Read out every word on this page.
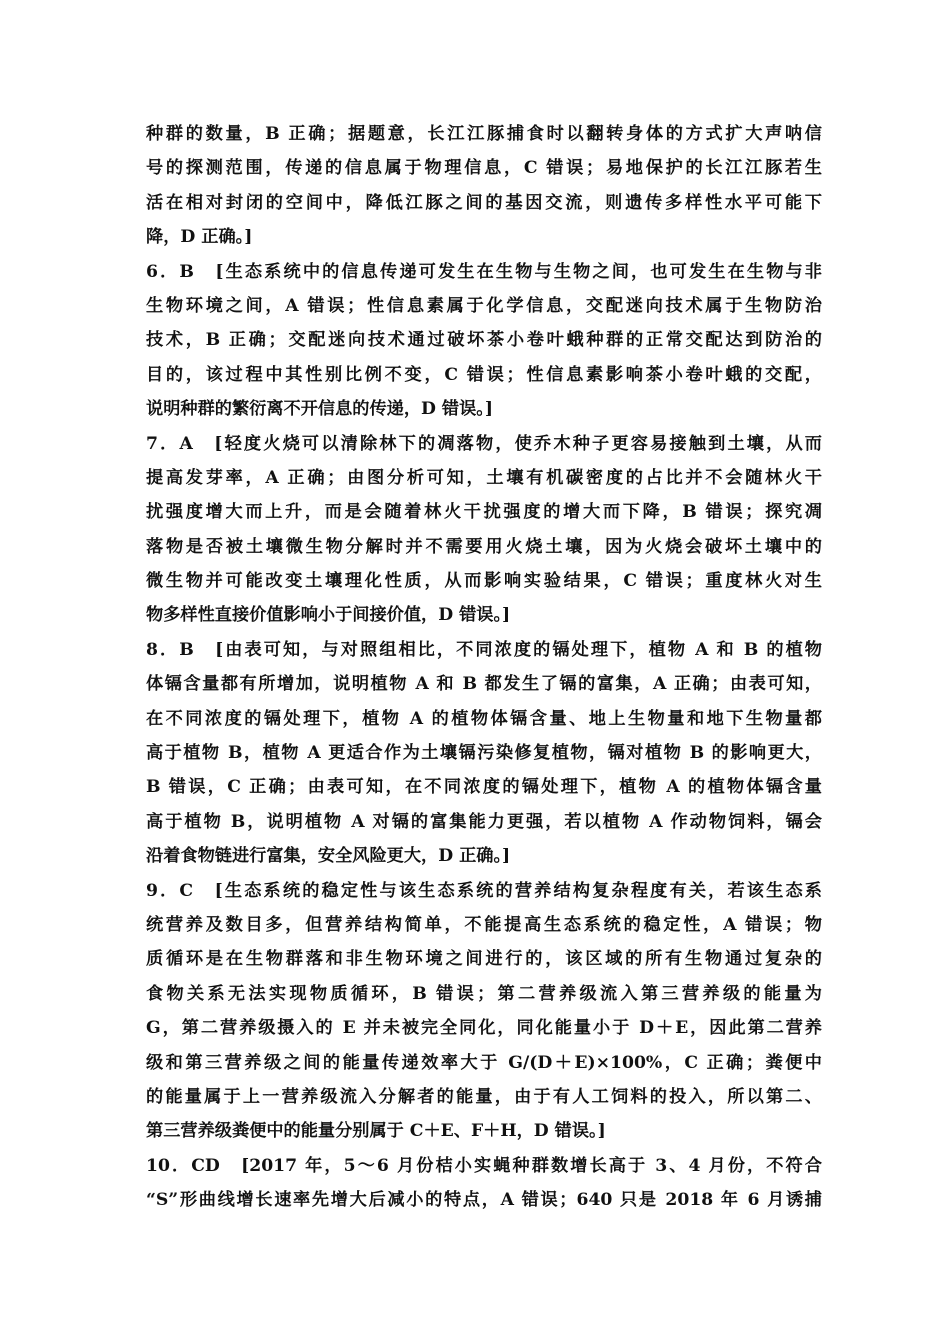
种群的数量，B 正确；据题意，长江江豚捕食时以翻转身体的方式扩大声呐信
号的探测范围，传递的信息属于物理信息，C 错误；易地保护的长江江豚若生
活在相对封闭的空间中，降低江豚之间的基因交流，则遗传多样性水平可能下
降，D 正确。]
6．B　[生态系统中的信息传递可发生在生物与生物之间，也可发生在生物与非
生物环境之间，A 错误；性信息素属于化学信息，交配迷向技术属于生物防治
技术，B 正确；交配迷向技术通过破坏茶小卷叶蛾种群的正常交配达到防治的
目的，该过程中其性别比例不变，C 错误；性信息素影响茶小卷叶蛾的交配，
说明种群的繁衍离不开信息的传递，D 错误。]
7．A　[轻度火烧可以清除林下的凋落物，使乔木种子更容易接触到土壤，从而
提高发芽率，A 正确；由图分析可知，土壤有机碳密度的占比并不会随林火干
扰强度增大而上升，而是会随着林火干扰强度的增大而下降，B 错误；探究凋
落物是否被土壤微生物分解时并不需要用火烧土壤，因为火烧会破坏土壤中的
微生物并可能改变土壤理化性质，从而影响实验结果，C 错误；重度林火对生
物多样性直接价值影响小于间接价值，D 错误。]
8．B　[由表可知，与对照组相比，不同浓度的镉处理下，植物 A 和 B 的植物
体镉含量都有所增加，说明植物 A 和 B 都发生了镉的富集，A 正确；由表可知，
在不同浓度的镉处理下，植物 A 的植物体镉含量、地上生物量和地下生物量都
高于植物 B，植物 A 更适合作为土壤镉污染修复植物，镉对植物 B 的影响更大，
B 错误，C 正确；由表可知，在不同浓度的镉处理下，植物 A 的植物体镉含量
高于植物 B，说明植物 A 对镉的富集能力更强，若以植物 A 作动物饲料，镉会
沿着食物链进行富集，安全风险更大，D 正确。]
9．C　[生态系统的稳定性与该生态系统的营养结构复杂程度有关，若该生态系
统营养及数目多，但营养结构简单，不能提高生态系统的稳定性，A 错误；物
质循环是在生物群落和非生物环境之间进行的，该区域的所有生物通过复杂的
食物关系无法实现物质循环，B 错误；第二营养级流入第三营养级的能量为
G，第二营养级摄入的 E 并未被完全同化，同化能量小于 D＋E，因此第二营养
级和第三营养级之间的能量传递效率大于 G/(D＋E)×100%，C 正确；粪便中
的能量属于上一营养级流入分解者的能量，由于有人工饲料的投入，所以第二、
第三营养级粪便中的能量分别属于 C＋E、F＋H，D 错误。]
10．CD　[2017 年，5～6 月份桔小实蝇种群数增长高于 3、4 月份，不符合
“S”形曲线增长速率先增大后减小的特点，A 错误；640 只是 2018 年 6 月诱捕
